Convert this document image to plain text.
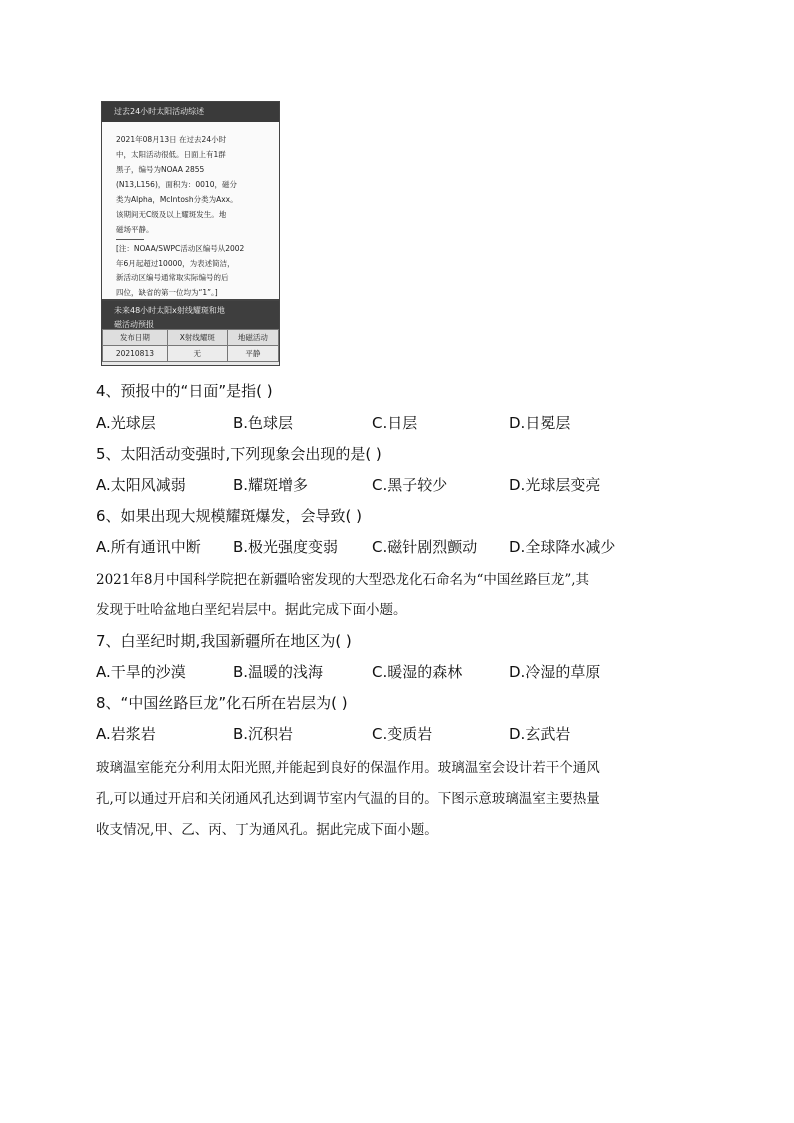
过去24小时太阳活动综述
2021年08月13日 在过去24小时
中，太阳活动很低。日面上有1群
黑子，编号为NOAA 2855
(N13,L156)，面积为：0010，磁分
类为Alpha，McIntosh分类为Axx。
该期间无C级及以上耀斑发生。地
磁场平静。
[注：NOAA/SWPC活动区编号从2002
年6月起超过10000，为表述简洁，
新活动区编号通常取实际编号的后
四位，缺省的第一位均为“1”。]
未来48小时太阳x射线耀斑和地
磁活动预报
发布日期	X射线耀斑	地磁活动
20210813	无	平静
4、预报中的“日面”是指( )
A.光球层	B.色球层	C.日层	D.日冕层
5、太阳活动变强时,下列现象会出现的是( )
A.太阳风减弱	B.耀斑增多	C.黑子较少	D.光球层变亮
6、如果出现大规模耀斑爆发，会导致( )
A.所有通讯中断 B.极光强度变弱 C.磁针剧烈颤动 D.全球降水减少
2021年8月中国科学院把在新疆哈密发现的大型恐龙化石命名为“中国丝路巨龙”,其
发现于吐哈盆地白垩纪岩层中。据此完成下面小题。
7、白垩纪时期,我国新疆所在地区为( )
A.干旱的沙漠	B.温暖的浅海	C.暖湿的森林	D.冷湿的草原
8、“中国丝路巨龙”化石所在岩层为( )
A.岩浆岩	B.沉积岩	C.变质岩	D.玄武岩
玻璃温室能充分利用太阳光照,并能起到良好的保温作用。玻璃温室会设计若干个通风
孔,可以通过开启和关闭通风孔达到调节室内气温的目的。下图示意玻璃温室主要热量
收支情况,甲、乙、丙、丁为通风孔。据此完成下面小题。
